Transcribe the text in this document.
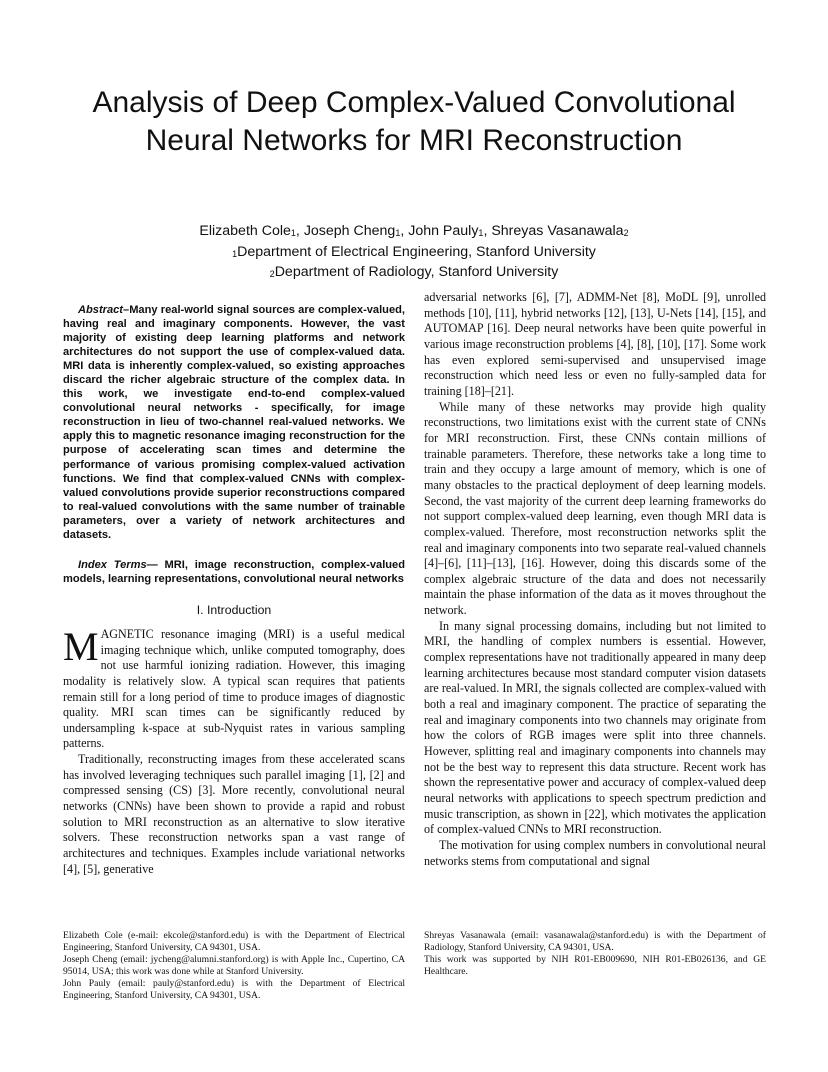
Analysis of Deep Complex-Valued Convolutional Neural Networks for MRI Reconstruction
Elizabeth Cole$_1$, Joseph Cheng$_1$, John Pauly$_1$, Shreyas Vasanawala$_2$
$_1$Department of Electrical Engineering, Stanford University
$_2$Department of Radiology, Stanford University

Abstract–Many real-world signal sources are complex-valued, having real and imaginary components. However, the vast majority of existing deep learning platforms and network architectures do not support the use of complex-valued data. MRI data is inherently complex-valued, so existing approaches discard the richer algebraic structure of the complex data. In this work, we investigate end-to-end complex-valued convolutional neural networks - specifically, for image reconstruction in lieu of two-channel real-valued networks. We apply this to magnetic resonance imaging reconstruction for the purpose of accelerating scan times and determine the performance of various promising complex-valued activation functions. We find that complex-valued CNNs with complex-valued convolutions provide superior reconstructions compared to real-valued convolutions with the same number of trainable parameters, over a variety of network architectures and datasets.

Index Terms— MRI, image reconstruction, complex-valued models, learning representations, convolutional neural networks

I. Introduction

MAGNETIC resonance imaging (MRI) is a useful medical imaging technique which, unlike computed tomography, does not use harmful ionizing radiation. However, this imaging modality is relatively slow. A typical scan requires that patients remain still for a long period of time to produce images of diagnostic quality. MRI scan times can be significantly reduced by undersampling k-space at sub-Nyquist rates in various sampling patterns.

Traditionally, reconstructing images from these accelerated scans has involved leveraging techniques such parallel imaging [1], [2] and compressed sensing (CS) [3]. More recently, convolutional neural networks (CNNs) have been shown to provide a rapid and robust solution to MRI reconstruction as an alternative to slow iterative solvers. These reconstruction networks span a vast range of architectures and techniques. Examples include variational networks [4], [5], generative

adversarial networks [6], [7], ADMM-Net [8], MoDL [9], unrolled methods [10], [11], hybrid networks [12], [13], U-Nets [14], [15], and AUTOMAP [16]. Deep neural networks have been quite powerful in various image reconstruction problems [4], [8], [10], [17]. Some work has even explored semi-supervised and unsupervised image reconstruction which need less or even no fully-sampled data for training [18]–[21].

While many of these networks may provide high quality reconstructions, two limitations exist with the current state of CNNs for MRI reconstruction. First, these CNNs contain millions of trainable parameters. Therefore, these networks take a long time to train and they occupy a large amount of memory, which is one of many obstacles to the practical deployment of deep learning models. Second, the vast majority of the current deep learning frameworks do not support complex-valued deep learning, even though MRI data is complex-valued. Therefore, most reconstruction networks split the real and imaginary components into two separate real-valued channels [4]–[6], [11]–[13], [16]. However, doing this discards some of the complex algebraic structure of the data and does not necessarily maintain the phase information of the data as it moves throughout the network.

In many signal processing domains, including but not limited to MRI, the handling of complex numbers is essential. However, complex representations have not traditionally appeared in many deep learning architectures because most standard computer vision datasets are real-valued. In MRI, the signals collected are complex-valued with both a real and imaginary component. The practice of separating the real and imaginary components into two channels may originate from how the colors of RGB images were split into three channels. However, splitting real and imaginary components into channels may not be the best way to represent this data structure. Recent work has shown the representative power and accuracy of complex-valued deep neural networks with applications to speech spectrum prediction and music transcription, as shown in [22], which motivates the application of complex-valued CNNs to MRI reconstruction.

The motivation for using complex numbers in convolutional neural networks stems from computational and signal

Elizabeth Cole (e-mail: ekcole@stanford.edu) is with the Department of Electrical Engineering, Stanford University, CA 94301, USA.

Joseph Cheng (email: jycheng@alumni.stanford.org) is with Apple Inc., Cupertino, CA 95014, USA; this work was done while at Stanford University.

John Pauly (email: pauly@stanford.edu) is with the Department of Electrical Engineering, Stanford University, CA 94301, USA.

Shreyas Vasanawala (email: vasanawala@stanford.edu) is with the Department of Radiology, Stanford University, CA 94301, USA.

This work was supported by NIH R01-EB009690, NIH R01-EB026136, and GE Healthcare.
